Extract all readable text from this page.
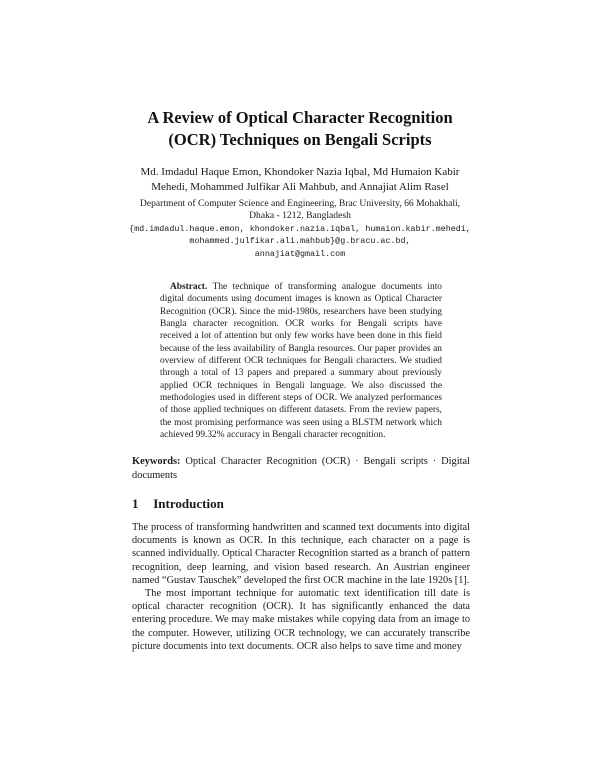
A Review of Optical Character Recognition
(OCR) Techniques on Bengali Scripts
Md. Imdadul Haque Emon, Khondoker Nazia Iqbal, Md Humaion Kabir
Mehedi, Mohammed Julfikar Ali Mahbub, and Annajiat Alim Rasel
Department of Computer Science and Engineering, Brac University, 66 Mohakhali,
Dhaka - 1212, Bangladesh
{md.imdadul.haque.emon, khondoker.nazia.iqbal, humaion.kabir.mehedi,
mohammed.julfikar.ali.mahbub}@g.bracu.ac.bd,
annajiat@gmail.com
Abstract. The technique of transforming analogue documents into digital documents using document images is known as Optical Character Recognition (OCR). Since the mid-1980s, researchers have been studying Bangla character recognition. OCR works for Bengali scripts have received a lot of attention but only few works have been done in this field because of the less availability of Bangla resources. Our paper provides an overview of different OCR techniques for Bengali characters. We studied through a total of 13 papers and prepared a summary about previously applied OCR techniques in Bengali language. We also discussed the methodologies used in different steps of OCR. We analyzed performances of those applied techniques on different datasets. From the review papers, the most promising performance was seen using a BLSTM network which achieved 99.32% accuracy in Bengali character recognition.
Keywords: Optical Character Recognition (OCR) · Bengali scripts · Digital documents
1 Introduction

The process of transforming handwritten and scanned text documents into digital documents is known as OCR. In this technique, each character on a page is scanned individually. Optical Character Recognition started as a branch of pattern recognition, deep learning, and vision based research. An Austrian engineer named “Gustav Tauschek” developed the first OCR machine in the late 1920s [1].

The most important technique for automatic text identification till date is optical character recognition (OCR). It has significantly enhanced the data entering procedure. We may make mistakes while copying data from an image to the computer. However, utilizing OCR technology, we can accurately transcribe picture documents into text documents. OCR also helps to save time and money
